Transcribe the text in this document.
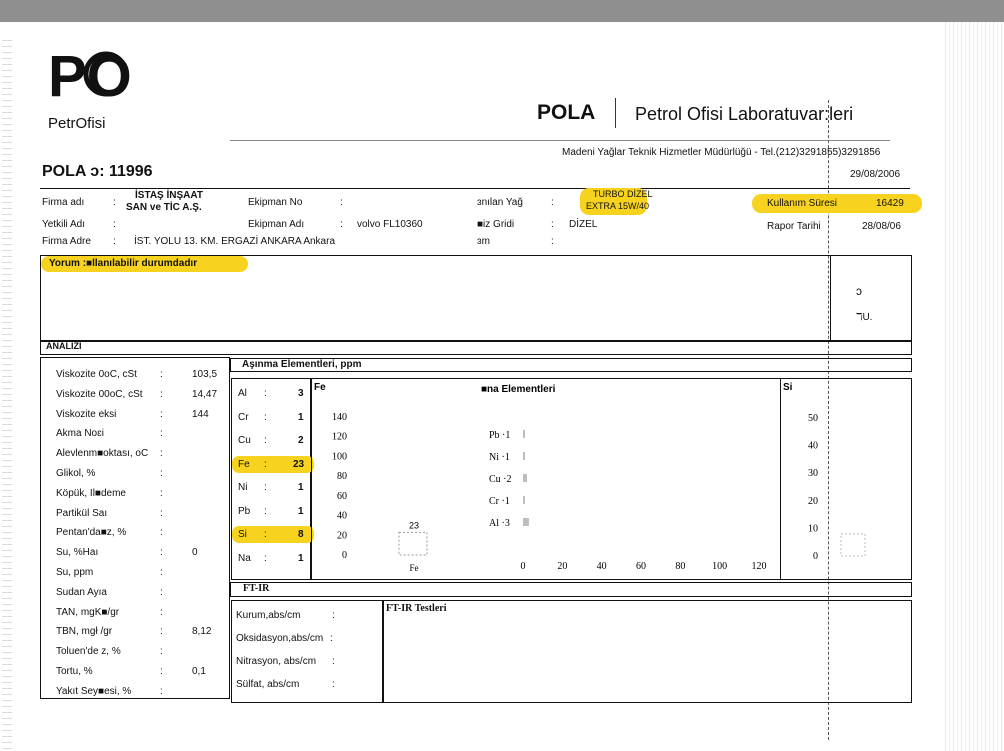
PO
PetrOfisi	POLA Petrol Ofisi Laboratuvar:leri
Madeni Yağlar Teknik Hizmetler Müdürlüğü - Tel.(212)3291855)3291856
POLA ɔ: 11996	29/08/2006
Firma adı	:
İSTAŞ İNŞAAT
SAN ve TİC A.Ş.
Yetkili Adı	:
Firma Adre : İST. YOLU 13. KM. ERGAZİ ANKARA Ankara
Ekipman No	:
Ekipman Adı	: volvo FL10360
ɜnılan Yağ	:
TURBO DİZEL
EXTRA 15W/40
■iz Gridi	: DİZEL
ɜm	:
Kullanım Süresi	16429
Rapor Tarihi	28/08/06
Yorum :■llanılabilir durumdadır
ɔ
ℸU.
ANALİZİ
Viskozite 0oC, cSt :	103,5
Viskozite 00oC, cSt :	14,47
Viskozite eksi	:	144
Akma Noɛi	:
Alevlenm■oktası, oC :
Glikol, %	:
Köpük, Il■deme	:
Partikül Saı	:
Pentan'da■z, %	:
Su, %Haı	:	0
Su, ppm	:
Sudan Ayıa	:
TAN, mgK■/gr	:
TBN, mgł /gr	:	8,12
Toluen'de z, %	:
Tortu, %	:	0,1
Yakıt Sey■esi, %	:
Aşınma Elementleri, ppm
Al :	3
Cr :	1
Cu :	2
Fe :	23
Ni :	1
Pb :	1
Si :	8
Na :	1
Fe
140
120
100
80
60
40
20
0
23
Fe
■na Elementleri
Pb ·1
Ni ·1
Cu ·2
Cr ·1
Al ·3
0	20	40	60	80	100 120
Si
50
40
30
20
10
0
FT-IR
FT-IR Testleri
Kurum,abs/cm	:
Oksidasyon,abs/cm :
Nitrasyon, abs/cm :
Sülfat, abs/cm	:
